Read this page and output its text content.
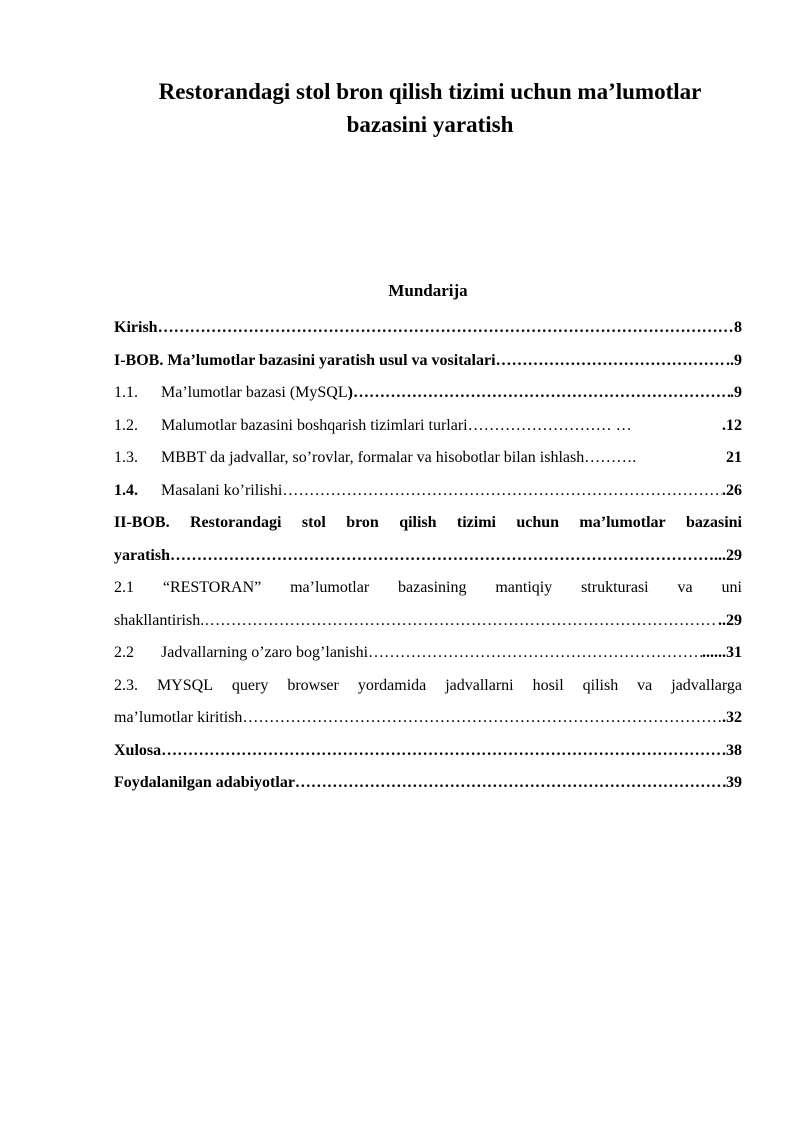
Restorandagi stol bron qilish tizimi uchun ma’lumotlar
bazasini yaratish
Mundarija
Kirish ……………………………………………………………………………………………………………………………………………………………………	8
I-BOB. Ma’lumotlar bazasini yaratish usul va vositalari ……………………………………………………………………………………………………………………………………………………………………	.. 9
1.1.	Ma’lumotlar bazasi (MySQL ) ……………………………………………………………………………………………………………………………………………………………………	. 9
1.2.	Malumotlar bazasini boshqarish tizimlari turlari ……………………… …	. 12
1.3.	MBBT da jadvallar, so’rovlar, formalar va hisobotlar bilan ishlash ……….	21
1.4.	Masalani ko’rilishi ……………………………………………………………………………………………………………………………………………………………………	. 26
II-BOB. Restorandagi stol bron qilish tizimi uchun ma’lumotlar bazasini
yaratish ……………………………………………………………………………………………………………………………………………………………………	... 29
2.1 “RESTORAN” ma’lumotlar bazasining mantiqiy strukturasi va uni
shakllantirish. ……………………………………………………………………………………………………………………………………………………………………	.. 29
2.2	Jadvallarning o’zaro bog’lanishi ……………………………………………………………………………………………………………………………………………………………………	...... 31
2.3. MYSQL query browser yordamida jadvallarni hosil qilish va jadvallarga
ma’lumotlar kiritish ……………………………………………………………………………………………………………………………………………………………………	. 32
Xulosa ……………………………………………………………………………………………………………………………………………………………………	. 38
Foydalanilgan adabiyotlar ……………………………………………………………………………………………………………………………………………………………………	39
